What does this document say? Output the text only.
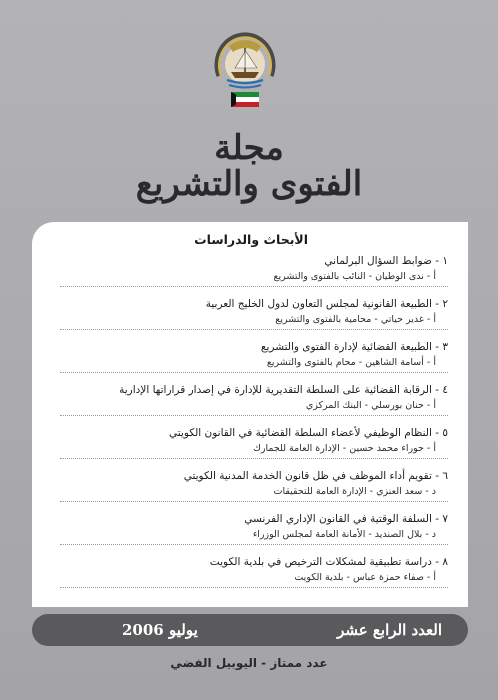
مجلة
الفتوى والتشريع
الأبحاث والدراسات
١ - ضوابط السؤال البرلماني
أ - ندى الوطيان - النائب بالفتوى والتشريع
٢ - الطبيعة القانونية لمجلس التعاون لدول الخليج العربية
أ - غدير حياتي - محامية بالفتوى والتشريع
٣ - الطبيعة القضائية لإدارة الفتوى والتشريع
أ - أسامة الشاهين - محام بالفتوى والتشريع
٤ - الرقابة القضائية على السلطة التقديرية للإدارة في إصدار قراراتها الإدارية
أ - حنان بورسلي - البنك المركزي
٥ - النظام الوظيفي لأعضاء السلطة القضائية في القانون الكويتي
أ - حوراء محمد حسين - الإدارة العامة للجمارك
٦ - تقويم أداء الموظف في ظل قانون الخدمة المدنية الكويتي
د - سعد العنزي - الإدارة العامة للتحقيقات
٧ - السلفة الوقتية في القانون الإداري الفرنسي
د - بلال الصنديد - الأمانة العامة لمجلس الوزراء
٨ - دراسة تطبيقية لمشكلات الترخيص في بلدية الكويت
أ - صفاء حمزة عباس - بلدية الكويت
العدد الرابع عشر
يوليو 2006
عدد ممتاز - اليوبيل الفضي
